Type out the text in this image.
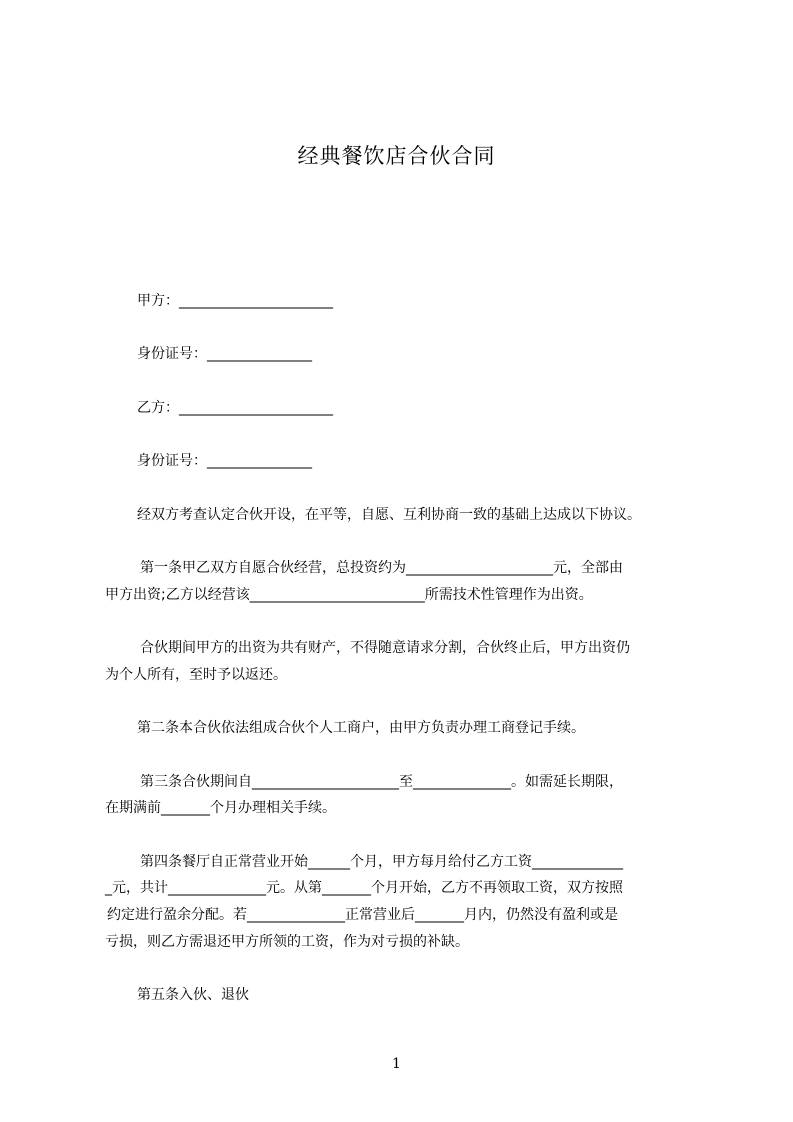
经典餐饮店合伙合同

甲方：______________________

身份证号：_______________

乙方：______________________

身份证号：_______________

经双方考查认定合伙开设，在平等，自愿、互利协商一致的基础上达成以下协议。

第一条甲乙双方自愿合伙经营，总投资约为_____________________元，全部由

甲方出资;乙方以经营该_________________________所需技术性管理作为出资。

合伙期间甲方的出资为共有财产，不得随意请求分割，合伙终止后，甲方出资仍

为个人所有，至时予以返还。

第二条本合伙依法组成合伙个人工商户，由甲方负责办理工商登记手续。

第三条合伙期间自_____________________至______________。如需延长期限，

在期满前_______个月办理相关手续。

第四条餐厅自正常营业开始______个月，甲方每月给付乙方工资_____________

_元，共计______________元。从第_______个月开始，乙方不再领取工资，双方按照

约定进行盈余分配。若______________正常营业后_______月内，仍然没有盈利或是

亏损，则乙方需退还甲方所领的工资，作为对亏损的补缺。

第五条入伙、退伙

1
